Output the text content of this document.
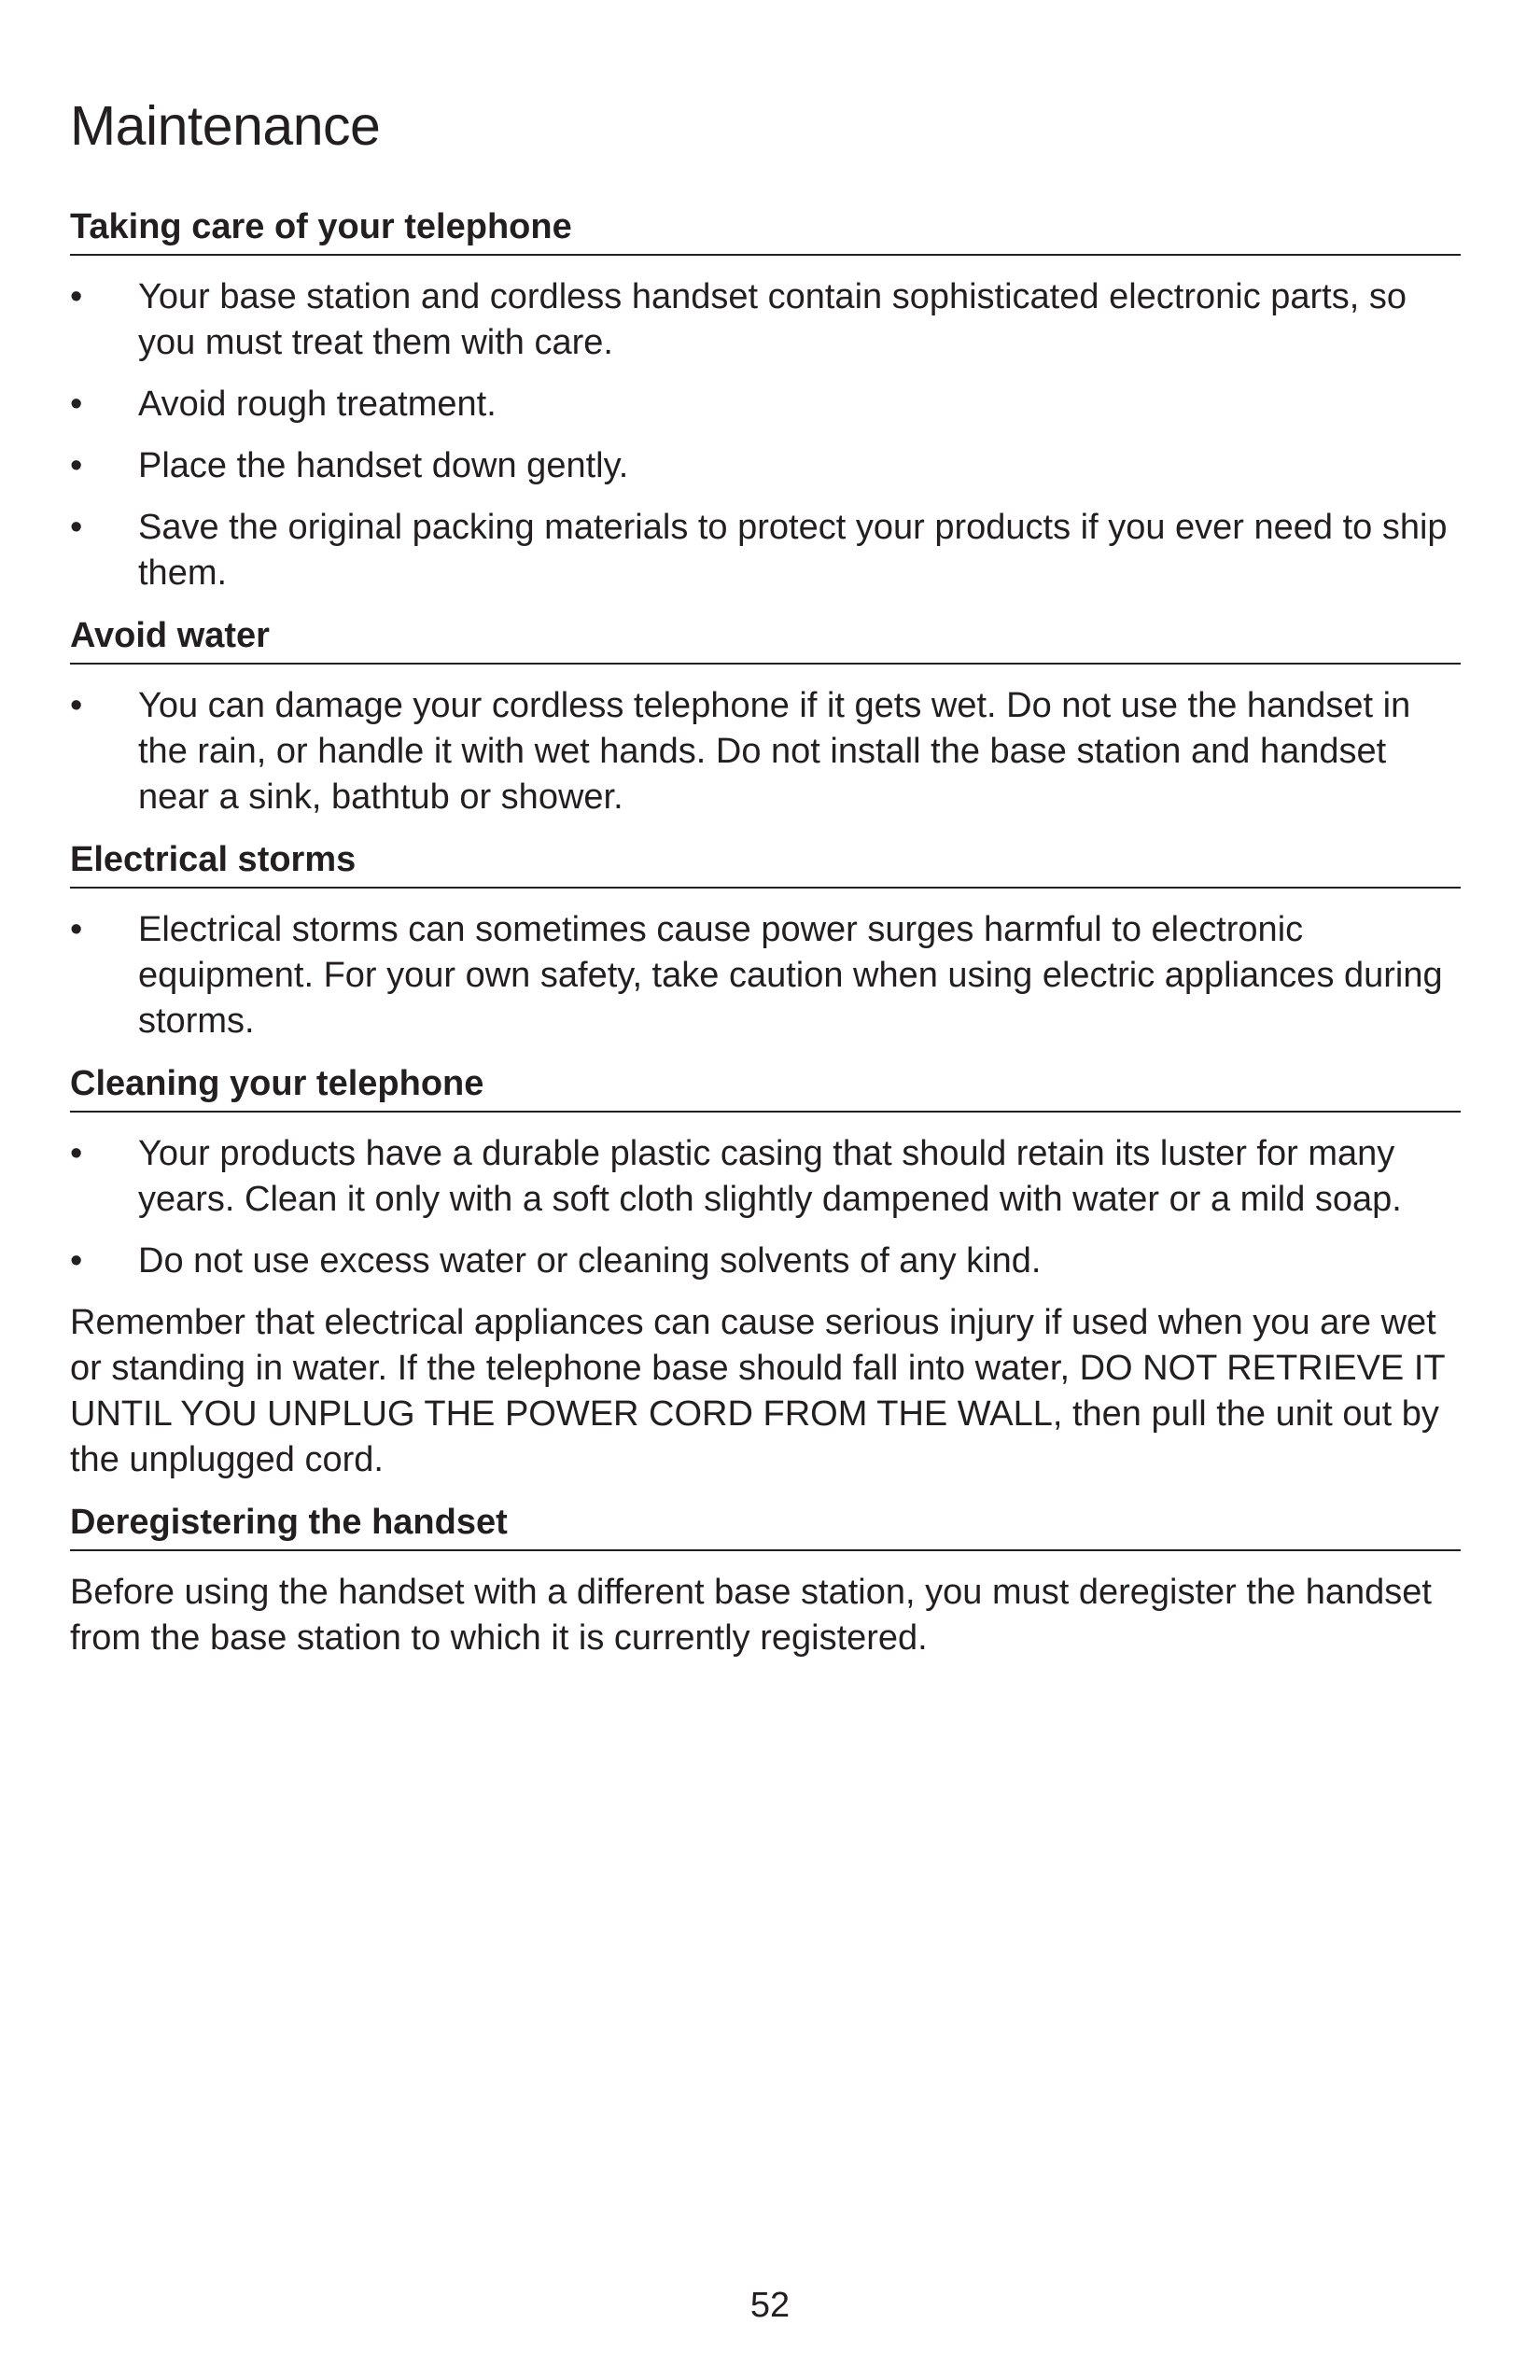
Maintenance
Taking care of your telephone
•	Your base station and cordless handset contain sophisticated electronic parts, so you must treat them with care.
•	Avoid rough treatment.
•	Place the handset down gently.
•	Save the original packing materials to protect your products if you ever need to ship them.
Avoid water
•	You can damage your cordless telephone if it gets wet. Do not use the handset in the rain, or handle it with wet hands. Do not install the base station and handset near a sink, bathtub or shower.
Electrical storms
•	Electrical storms can sometimes cause power surges harmful to electronic equipment. For your own safety, take caution when using electric appliances during storms.
Cleaning your telephone
•	Your products have a durable plastic casing that should retain its luster for many years. Clean it only with a soft cloth slightly dampened with water or a mild soap.
•	Do not use excess water or cleaning solvents of any kind.

Remember that electrical appliances can cause serious injury if used when you are wet or standing in water. If the telephone base should fall into water, DO NOT RETRIEVE IT UNTIL YOU UNPLUG THE POWER CORD FROM THE WALL, then pull the unit out by the unplugged cord.

Deregistering the handset

Before using the handset with a different base station, you must deregister the handset from the base station to which it is currently registered.

52
